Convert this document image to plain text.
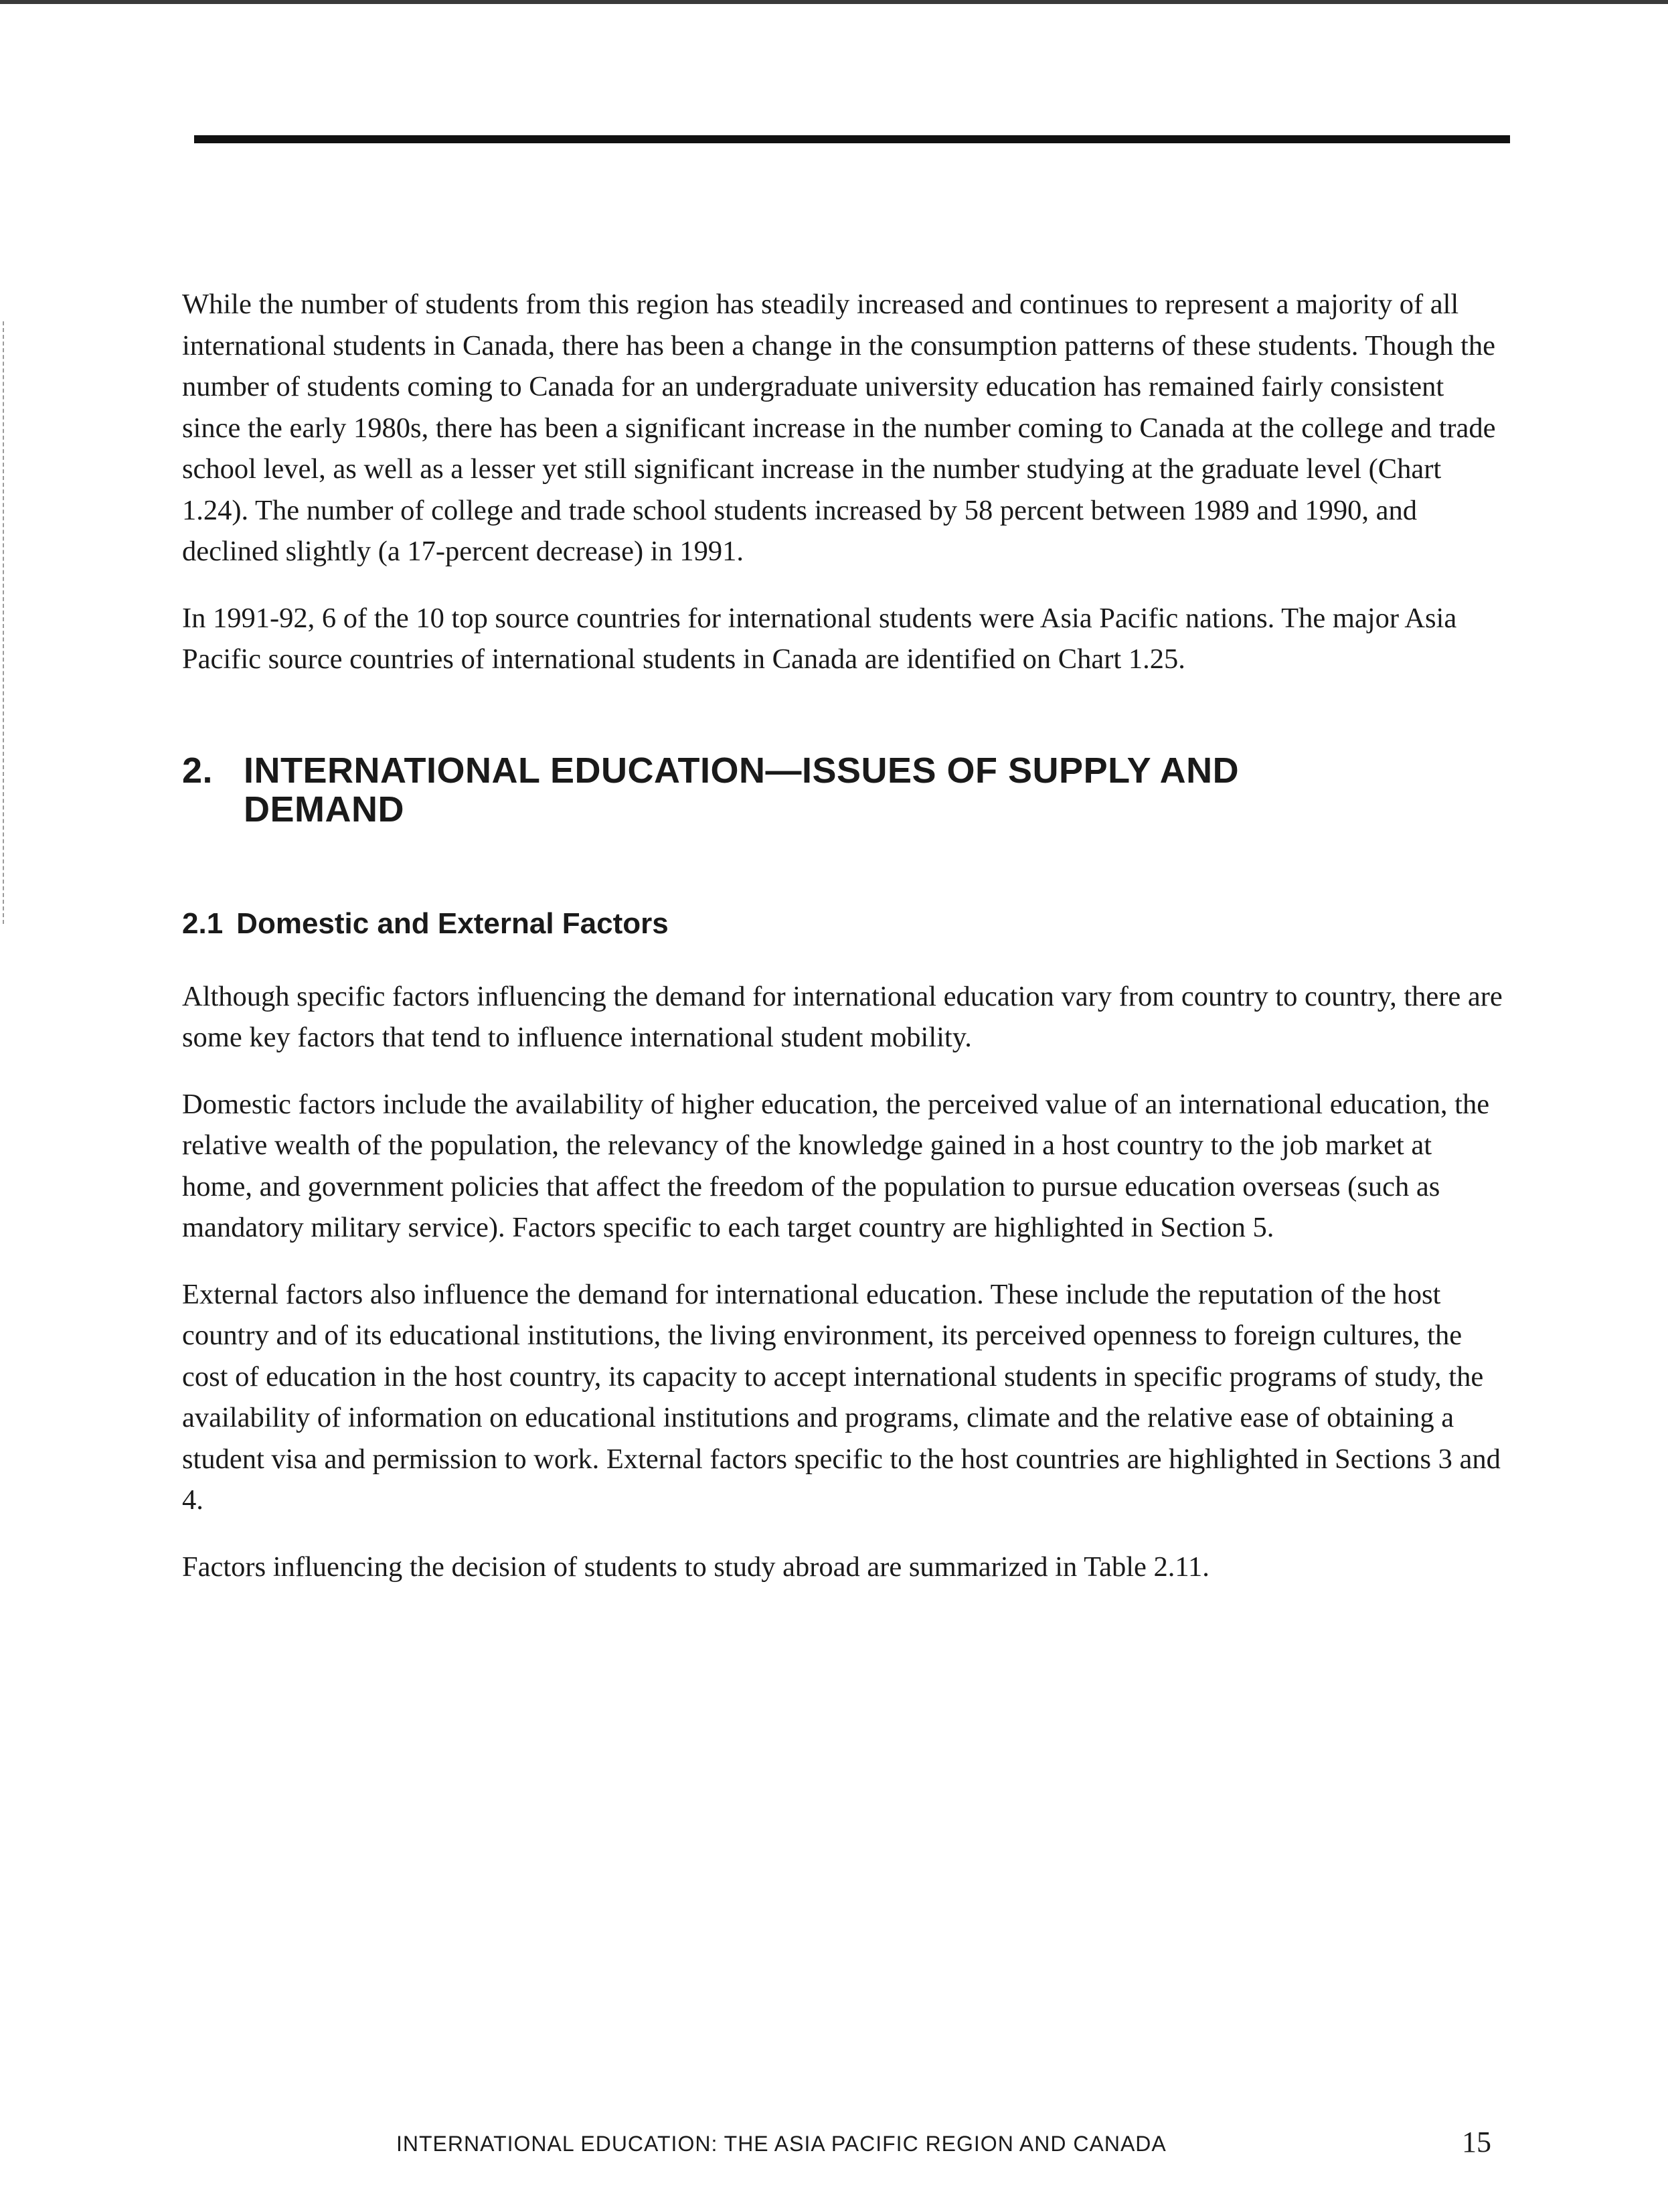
While the number of students from this region has steadily increased and continues to represent a majority of all international students in Canada, there has been a change in the consumption patterns of these students. Though the number of students coming to Canada for an undergraduate university education has remained fairly consistent since the early 1980s, there has been a significant increase in the number coming to Canada at the college and trade school level, as well as a lesser yet still significant increase in the number studying at the graduate level (Chart 1.24). The number of college and trade school students increased by 58 percent between 1989 and 1990, and declined slightly (a 17-percent decrease) in 1991.

In 1991-92, 6 of the 10 top source countries for international students were Asia Pacific nations. The major Asia Pacific source countries of international students in Canada are identified on Chart 1.25.

2. INTERNATIONAL EDUCATION—ISSUES OF SUPPLY AND DEMAND
2.1 Domestic and External Factors

Although specific factors influencing the demand for international education vary from country to country, there are some key factors that tend to influence international student mobility.

Domestic factors include the availability of higher education, the perceived value of an international education, the relative wealth of the population, the relevancy of the knowledge gained in a host country to the job market at home, and government policies that affect the freedom of the population to pursue education overseas (such as mandatory military service). Factors specific to each target country are highlighted in Section 5.

External factors also influence the demand for international education. These include the reputation of the host country and of its educational institutions, the living environment, its perceived openness to foreign cultures, the cost of education in the host country, its capacity to accept international students in specific programs of study, the availability of information on educational institutions and programs, climate and the relative ease of obtaining a student visa and permission to work. External factors specific to the host countries are highlighted in Sections 3 and 4.

Factors influencing the decision of students to study abroad are summarized in Table 2.11.

INTERNATIONAL EDUCATION: THE ASIA PACIFIC REGION AND CANADA	15
